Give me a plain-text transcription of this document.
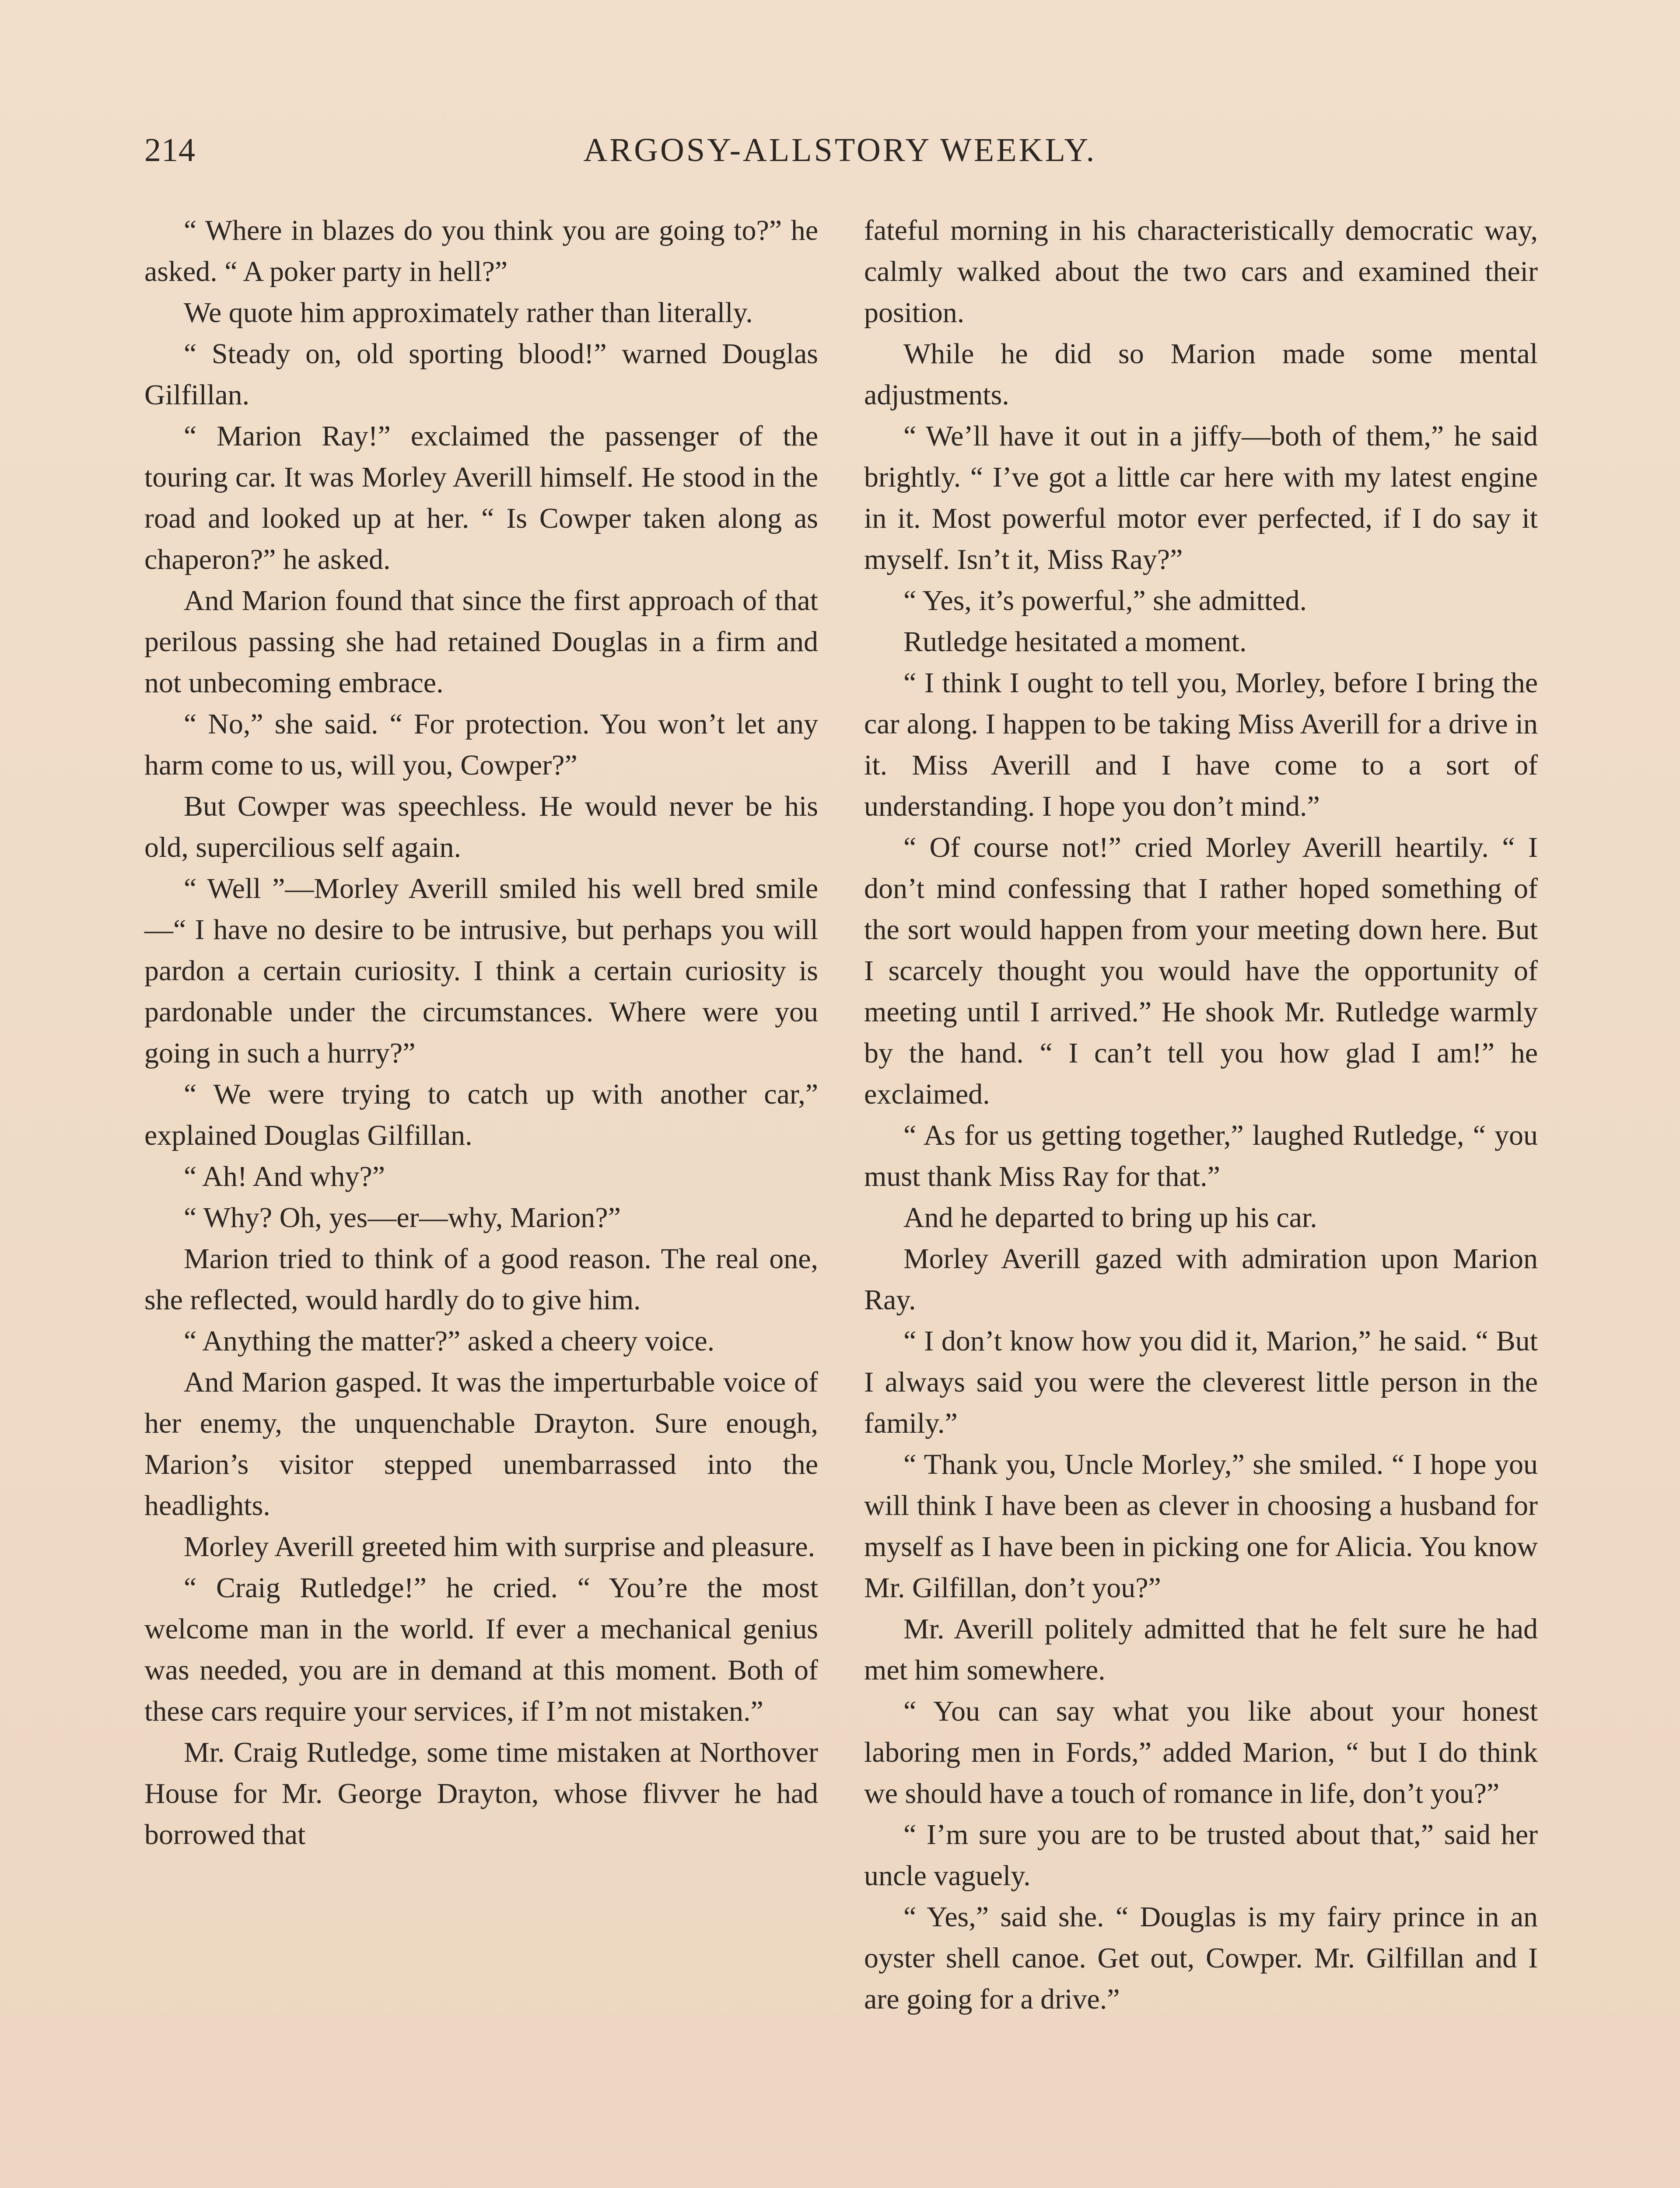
214	ARGOSY-ALLSTORY WEEKLY.

“ Where in blazes do you think you are going to?” he asked. “ A poker party in hell?”

We quote him approximately rather than literally.

“ Steady on, old sporting blood!” warned Douglas Gilfillan.

“ Marion Ray!” exclaimed the passenger of the touring car. It was Morley Averill himself. He stood in the road and looked up at her. “ Is Cowper taken along as chaperon?” he asked.

And Marion found that since the first approach of that perilous passing she had retained Douglas in a firm and not unbecoming embrace.

“ No,” she said. “ For protection. You won’t let any harm come to us, will you, Cowper?”

But Cowper was speechless. He would never be his old, supercilious self again.

“ Well ”—Morley Averill smiled his well bred smile—“ I have no desire to be intrusive, but perhaps you will pardon a certain curiosity. I think a certain curiosity is pardonable under the circumstances. Where were you going in such a hurry?”

“ We were trying to catch up with another car,” explained Douglas Gilfillan.

“ Ah! And why?”

“ Why? Oh, yes—er—why, Marion?”

Marion tried to think of a good reason. The real one, she reflected, would hardly do to give him.

“ Anything the matter?” asked a cheery voice.

And Marion gasped. It was the imperturbable voice of her enemy, the unquenchable Drayton. Sure enough, Marion’s visitor stepped unembarrassed into the headlights.

Morley Averill greeted him with surprise and pleasure.

“ Craig Rutledge!” he cried. “ You’re the most welcome man in the world. If ever a mechanical genius was needed, you are in demand at this moment. Both of these cars require your services, if I’m not mistaken.”

Mr. Craig Rutledge, some time mistaken at Northover House for Mr. George Drayton, whose flivver he had borrowed that

fateful morning in his characteristically democratic way, calmly walked about the two cars and examined their position.

While he did so Marion made some mental adjustments.

“ We’ll have it out in a jiffy—both of them,” he said brightly. “ I’ve got a little car here with my latest engine in it. Most powerful motor ever perfected, if I do say it myself. Isn’t it, Miss Ray?”

“ Yes, it’s powerful,” she admitted.

Rutledge hesitated a moment.

“ I think I ought to tell you, Morley, before I bring the car along. I happen to be taking Miss Averill for a drive in it. Miss Averill and I have come to a sort of understanding. I hope you don’t mind.”

“ Of course not!” cried Morley Averill heartily. “ I don’t mind confessing that I rather hoped something of the sort would happen from your meeting down here. But I scarcely thought you would have the opportunity of meeting until I arrived.” He shook Mr. Rutledge warmly by the hand. “ I can’t tell you how glad I am!” he exclaimed.

“ As for us getting together,” laughed Rutledge, “ you must thank Miss Ray for that.”

And he departed to bring up his car.

Morley Averill gazed with admiration upon Marion Ray.

“ I don’t know how you did it, Marion,” he said. “ But I always said you were the cleverest little person in the family.”

“ Thank you, Uncle Morley,” she smiled. “ I hope you will think I have been as clever in choosing a husband for myself as I have been in picking one for Alicia. You know Mr. Gilfillan, don’t you?”

Mr. Averill politely admitted that he felt sure he had met him somewhere.

“ You can say what you like about your honest laboring men in Fords,” added Marion, “ but I do think we should have a touch of romance in life, don’t you?”

“ I’m sure you are to be trusted about that,” said her uncle vaguely.

“ Yes,” said she. “ Douglas is my fairy prince in an oyster shell canoe. Get out, Cowper. Mr. Gilfillan and I are going for a drive.”
